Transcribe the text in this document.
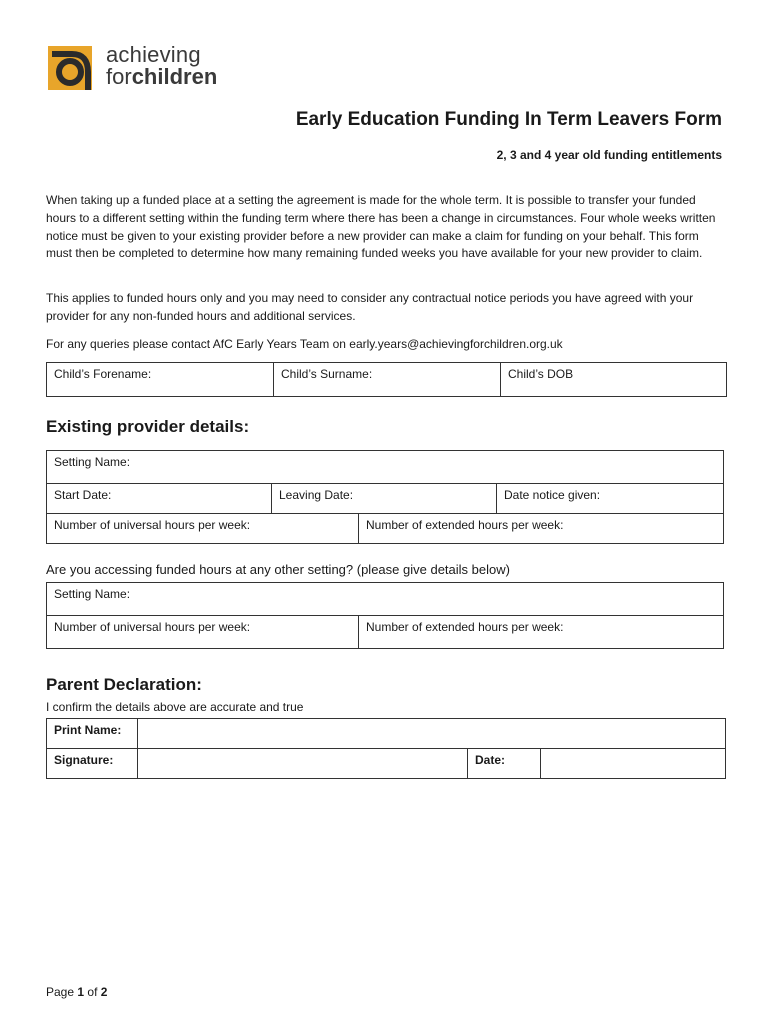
achieving
forchildren
Early Education Funding In Term Leavers Form
2, 3 and 4 year old funding entitlements
When taking up a funded place at a setting the agreement is made for the whole term. It is possible to transfer your funded hours to a different setting within the funding term where there has been a change in circumstances. Four whole weeks written notice must be given to your existing provider before a new provider can make a claim for funding on your behalf. This form must then be completed to determine how many remaining funded weeks you have available for your new provider to claim.
This applies to funded hours only and you may need to consider any contractual notice periods you have agreed with your provider for any non-funded hours and additional services.
For any queries please contact AfC Early Years Team on early.years@achievingforchildren.org.uk
Child’s Forename:	Child’s Surname:	Child’s DOB
Existing provider details:
Setting Name:			
Start Date:	Leaving Date:		Date notice given:
Number of universal hours per week:		Number of extended hours per week:	
Are you accessing funded hours at any other setting? (please give details below)
Setting Name:
Number of universal hours per week:	Number of extended hours per week:
Parent Declaration:
I confirm the details above are accurate and true
Print Name:			
Signature:		Date:	
Page 1 of 2
